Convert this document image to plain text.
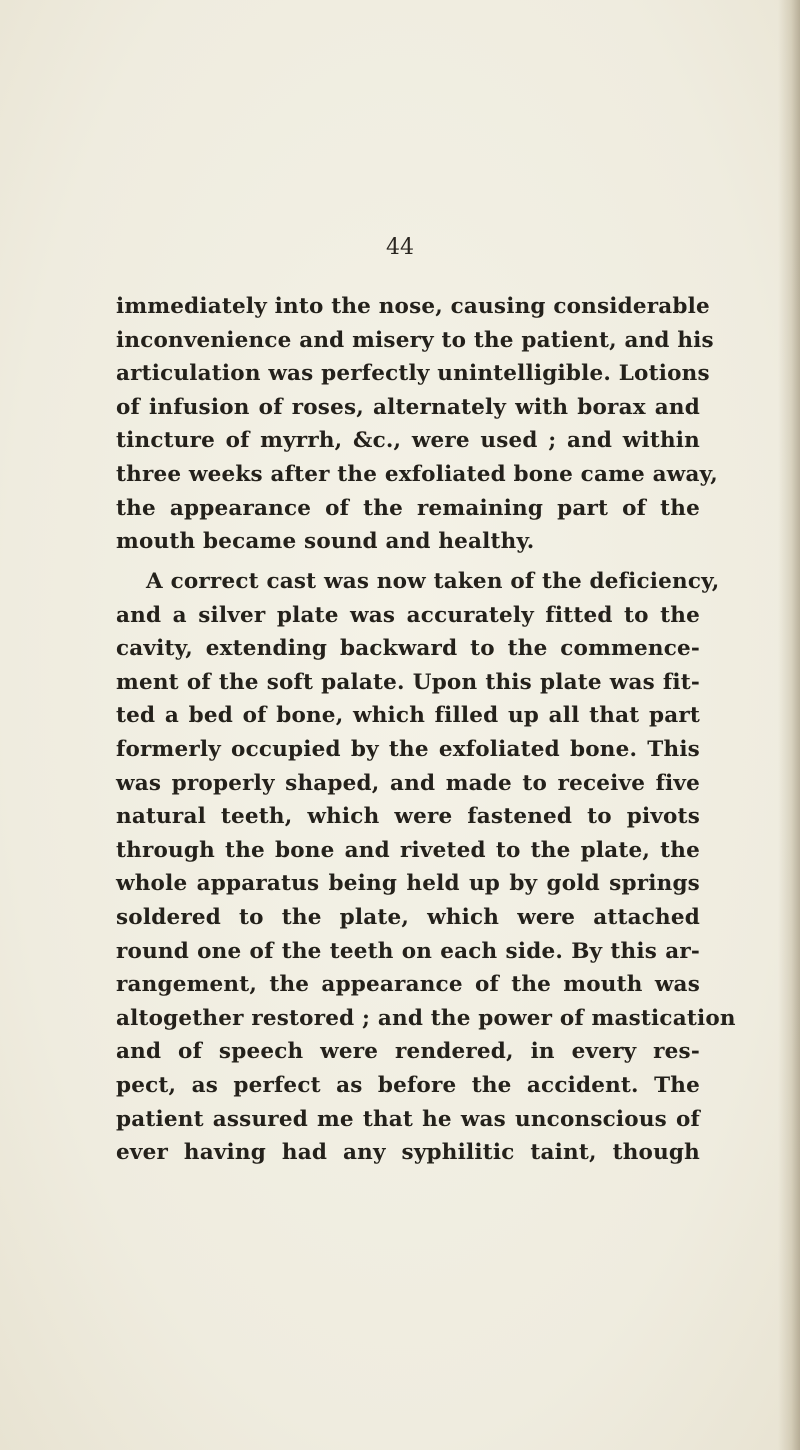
44
immediately into the nose, causing considerable
inconvenience and misery to the patient, and his
articulation was perfectly unintelligible. Lotions
of infusion of roses, alternately with borax and
tincture of myrrh, &c., were used ; and within
three weeks after the exfoliated bone came away,
the appearance of the remaining part of the
mouth became sound and healthy.
A correct cast was now taken of the deficiency,
and a silver plate was accurately fitted to the
cavity, extending backward to the commence-
ment of the soft palate. Upon this plate was fit-
ted a bed of bone, which filled up all that part
formerly occupied by the exfoliated bone. This
was properly shaped, and made to receive five
natural teeth, which were fastened to pivots
through the bone and riveted to the plate, the
whole apparatus being held up by gold springs
soldered to the plate, which were attached
round one of the teeth on each side. By this ar-
rangement, the appearance of the mouth was
altogether restored ; and the power of mastication
and of speech were rendered, in every res-
pect, as perfect as before the accident. The
patient assured me that he was unconscious of
ever having had any syphilitic taint, though
